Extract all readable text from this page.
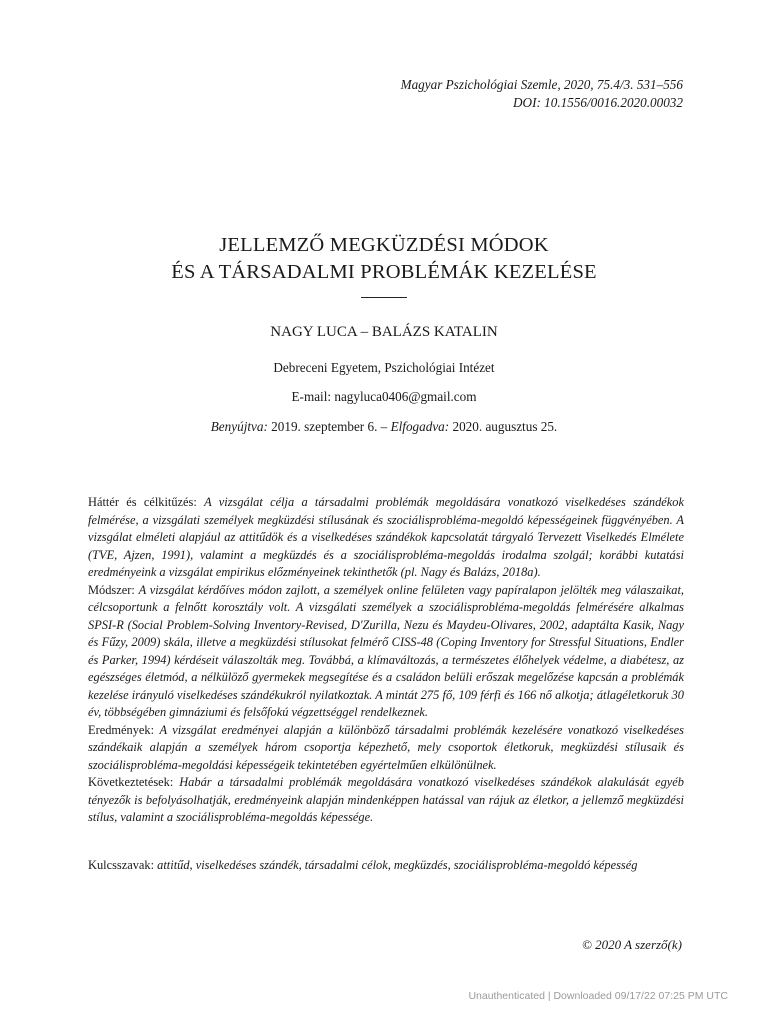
Magyar Pszichológiai Szemle, 2020, 75.4/3. 531–556
DOI: 10.1556/0016.2020.00032
JELLEMZŐ MEGKÜZDÉSI MÓDOK
ÉS A TÁRSADALMI PROBLÉMÁK KEZELÉSE
NAGY LUCA – BALÁZS KATALIN
Debreceni Egyetem, Pszichológiai Intézet
E-mail: nagyluca0406@gmail.com
Benyújtva: 2019. szeptember 6. – Elfogadva: 2020. augusztus 25.

Háttér és célkitűzés: A vizsgálat célja a társadalmi problémák megoldására vonatkozó viselkedéses szándékok felmérése, a vizsgálati személyek megküzdési stílusának és szociálisprobléma-megoldó képességeinek függvényében. A vizsgálat elméleti alapjául az attitűdök és a viselkedéses szándékok kapcsolatát tárgyaló Tervezett Viselkedés Elmélete (TVE, Ajzen, 1991), valamint a megküzdés és a szociálisprobléma-megoldás irodalma szolgál; korábbi kutatási eredményeink a vizsgálat empirikus előzményeinek tekinthetők (pl. Nagy és Balázs, 2018a).

Módszer: A vizsgálat kérdőíves módon zajlott, a személyek online felületen vagy papíralapon jelölték meg válaszaikat, célcsoportunk a felnőtt korosztály volt. A vizsgálati személyek a szociálisprobléma-megoldás felmérésére alkalmas SPSI-R (Social Problem-Solving Inventory-Revised, D'Zurilla, Nezu és Maydeu-Olivares, 2002, adaptálta Kasik, Nagy és Fűzy, 2009) skála, illetve a megküzdési stílusokat felmérő CISS-48 (Coping Inventory for Stressful Situations, Endler és Parker, 1994) kérdéseit válaszolták meg. Továbbá, a klímaváltozás, a természetes élőhelyek védelme, a diabétesz, az egészséges életmód, a nélkülöző gyermekek megsegítése és a családon belüli erőszak megelőzése kapcsán a problémák kezelése irányuló viselkedéses szándékukról nyilatkoztak. A mintát 275 fő, 109 férfi és 166 nő alkotja; átlagéletkoruk 30 év, többségében gimnáziumi és felsőfokú végzettséggel rendelkeznek.

Eredmények: A vizsgálat eredményei alapján a különböző társadalmi problémák kezelésére vonatkozó viselkedéses szándékaik alapján a személyek három csoportja képezhető, mely csoportok életkoruk, megküzdési stílusaik és szociálisprobléma-megoldási képességeik tekintetében egyértelműen elkülönülnek.

Következtetések: Habár a társadalmi problémák megoldására vonatkozó viselkedéses szándékok alakulását egyéb tényezők is befolyásolhatják, eredményeink alapján mindenképpen hatással van rájuk az életkor, a jellemző megküzdési stílus, valamint a szociálisprobléma-megoldás képessége.

Kulcsszavak: attitűd, viselkedéses szándék, társadalmi célok, megküzdés, szociálisprobléma-megoldó képesség
© 2020 A szerző(k)
Unauthenticated | Downloaded 09/17/22 07:25 PM UTC
